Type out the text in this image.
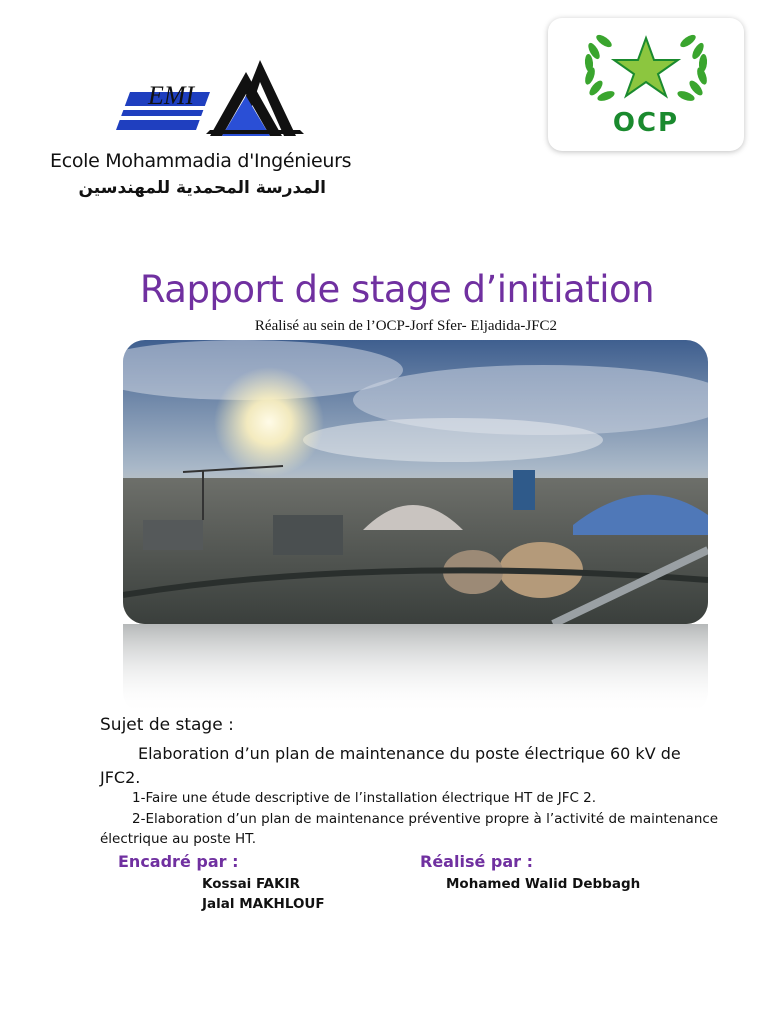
EMI
Ecole Mohammadia d'Ingénieurs
المدرسة المحمدية للمهندسين
OCP
Rapport de stage d’initiation
Réalisé au sein de l’OCP-Jorf Sfer- Eljadida-JFC2
Sujet de stage :
Elaboration d’un plan de maintenance du poste électrique 60 kV de JFC2.
1-Faire une étude descriptive de l’installation électrique HT de JFC 2.
2-Elaboration d’un plan de maintenance préventive propre à l’activité de maintenance électrique au poste HT.
Encadré par :	Réalisé par :
Kossai FAKIR
Jalal MAKHLOUF
Mohamed Walid Debbagh
